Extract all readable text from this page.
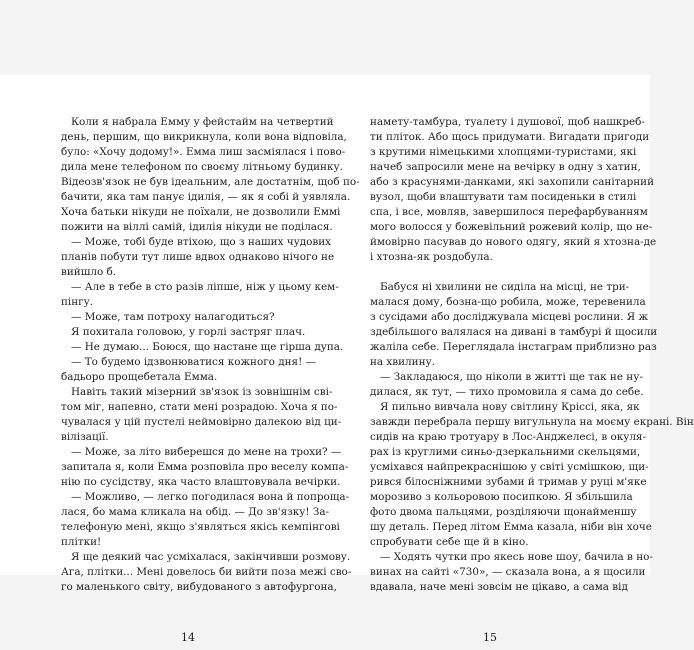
Коли я набрала Емму у фейстайм на четвертий
день, першим, що викрикнула, коли вона відповіла,
було: «Хочу додому!». Емма лиш засміялася і пово-
дила мене телефоном по своєму літньому будинку.
Відеозв'язок не був ідеальним, але достатнім, щоб по-
бачити, яка там панує ідилія, — як я собі й уявляла.
Хоча батьки нікуди не поїхали, не дозволили Еммі
пожити на віллі самій, ідилія нікуди не поділася.
— Може, тобі буде втіхою, що з наших чудових
планів побути тут лише вдвох однаково нічого не
вийшло б.
— Але в тебе в сто разів ліпше, ніж у цьому кем-
пінгу.
— Може, там потроху налагодиться?
Я похитала головою, у горлі застряг плач.
— Не думаю... Боюся, що настане ще гірша дупа.
— То будемо ідзвонюватися кожного дня! —
бадьоро прощебетала Емма.
Навіть такий мізерний зв'язок із зовнішнім сві-
том міг, напевно, стати мені розрадою. Хоча я по-
чувалася у цій пустелі неймовірно далекою від ци-
вілізації.
— Може, за літо виберешся до мене на трохи? —
запитала я, коли Емма розповіла про веселу компа-
нію по сусідству, яка часто влаштовувала вечірки.
— Можливо, — легко погодилася вона й попроща-
лася, бо мама кликала на обід. — До зв'язку! За-
телефоную мені, якщо з'являться якісь кемпінгові
плітки!
Я ще деякий час усміхалася, закінчивши розмову.
Ага, плітки... Мені довелось би вийти поза межі сво-
го маленького світу, вибудованого з автофургона,
намету-тамбура, туалету і душової, щоб нашкреб-
ти пліток. Або щось придумати. Вигадати пригоди
з крутими німецькими хлопцями-туристами, які
начеб запросили мене на вечірку в одну з хатин,
або з красунями-данками, які захопили санітарний
вузол, щоби влаштувати там посиденьки в стилі
спа, і все, мовляв, завершилося перефарбуванням
мого волосся у божевільний рожевий колір, що не-
ймовірно пасував до нового одягу, який я хтозна-де
і хтозна-як роздобула.
Бабуся ні хвилини не сиділа на місці, не три-
малася дому, бозна-що робила, може, теревенила
з сусідами або досліджувала місцеві рослини. Я ж
здебільшого валялася на дивані в тамбурі й щосили
жаліла себе. Переглядала інстаграм приблизно раз
на хвилину.
— Закладаюся, що ніколи в житті ще так не ну-
дилася, як тут, — тихо промовила я сама до себе.
Я пильно вивчала нову світлину Кріссі, яка, як
завжди перебрала першу вигульнула на моєму екрані. Він
сидів на краю тротуару в Лос-Анджелесі, в окуля-
рах із круглими синьо-дзеркальними скельцями,
усміхався найпрекраснішою у світі усмішкою, щи-
рився білосніжними зубами й тримав у руці м'яке
морозиво з кольоровою посипкою. Я збільшила
фото двома пальцями, розділяючи щонайменшу
шу деталь. Перед літом Емма казала, ніби він хоче
спробувати себе ще й в кіно.
— Ходять чутки про якесь нове шоу, бачила в но-
винах на сайті «730», — сказала вона, а я щосили
вдавала, наче мені зовсім не цікаво, а сама від
14	15
